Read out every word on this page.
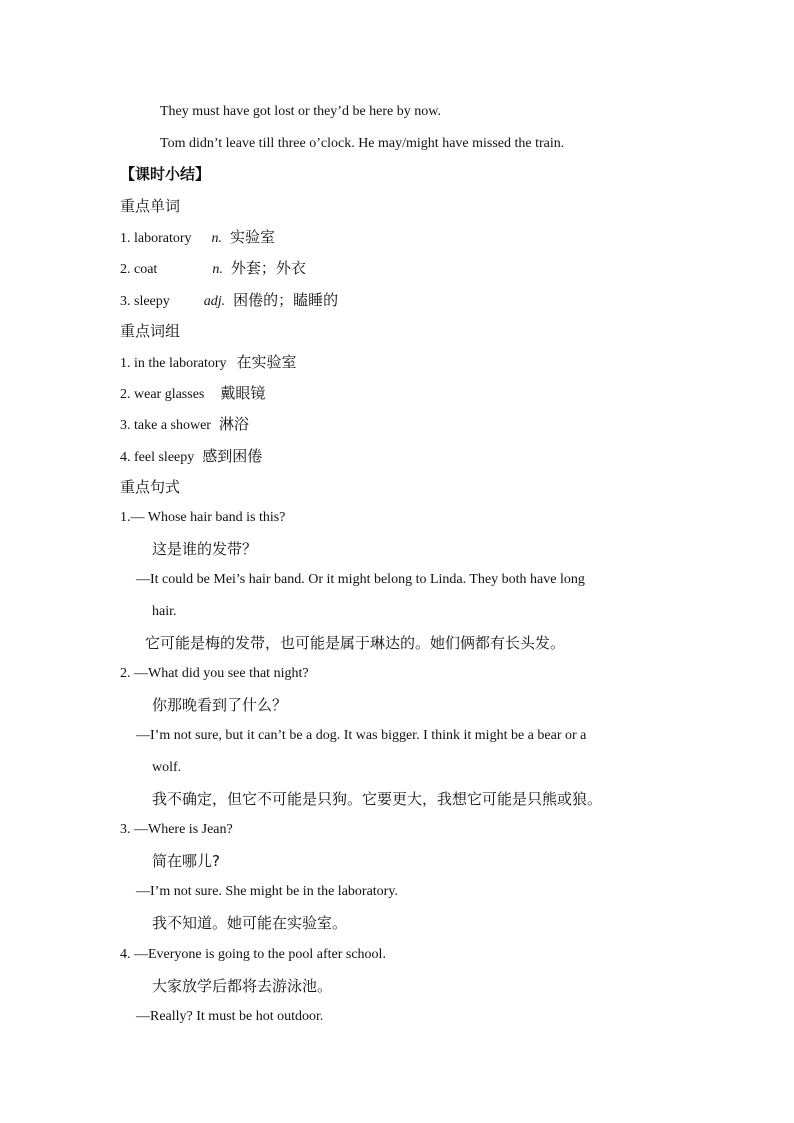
They must have got lost or they’d be here by now.
Tom didn’t leave till three o’clock. He may/might have missed the train.
【课时小结】
重点单词
1. laboratory n. 实验室
2. coat	n. 外套；外衣
3. sleepy adj. 困倦的；瞌睡的
重点词组
1. in the laboratory 在实验室
2. wear glasses 戴眼镜
3. take a shower 淋浴
4. feel sleepy 感到困倦
重点句式
1.— Whose hair band is this?
这是谁的发带？
—It could be Mei’s hair band. Or it might belong to Linda. They both have long
hair.
它可能是梅的发带，也可能是属于琳达的。她们俩都有长头发。
2. —What did you see that night?
你那晚看到了什么？
—I’m not sure, but it can’t be a dog. It was bigger. I think it might be a bear or a
wolf.
我不确定，但它不可能是只狗。它要更大，我想它可能是只熊或狼。
3. —Where is Jean?
简在哪儿?
—I’m not sure. She might be in the laboratory.
我不知道。她可能在实验室。
4. —Everyone is going to the pool after school.
大家放学后都将去游泳池。
—Really? It must be hot outdoor.
